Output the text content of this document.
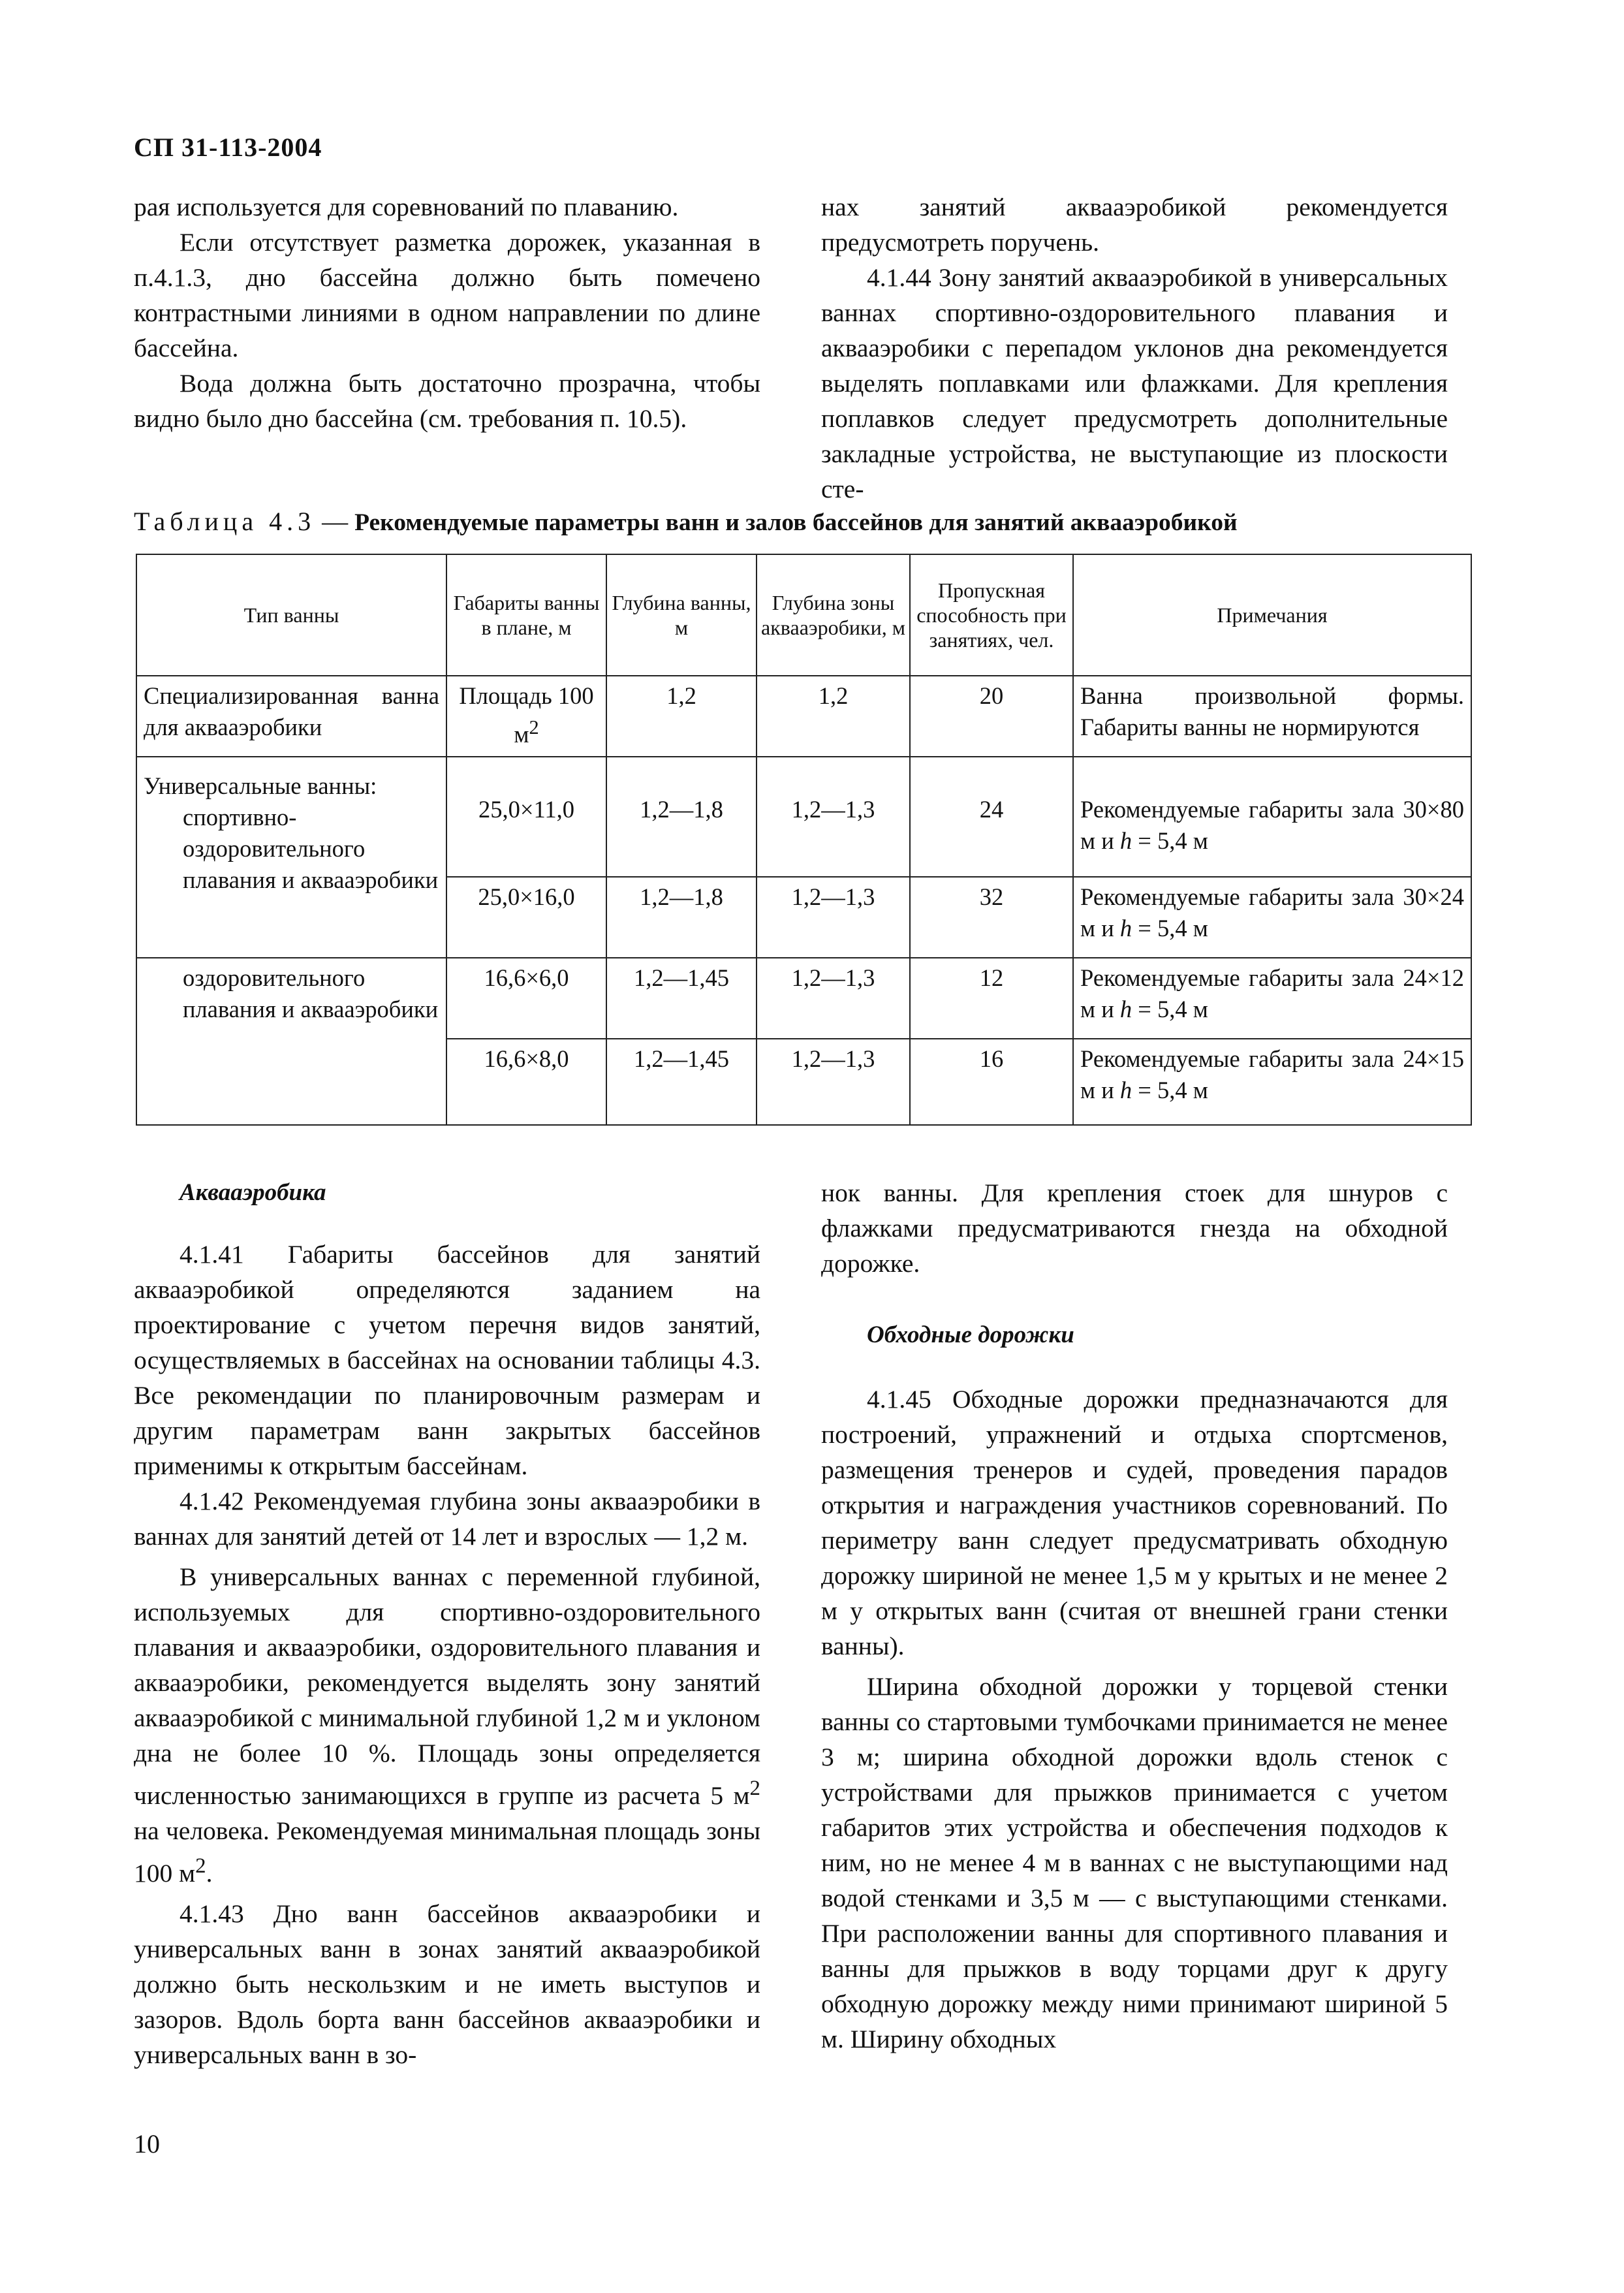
СП 31-113-2004

рая используется для соревнований по плаванию.

Если отсутствует разметка дорожек, указанная в п.4.1.3, дно бассейна должно быть помечено контрастными линиями в одном направлении по длине бассейна.

Вода должна быть достаточно прозрачна, чтобы видно было дно бассейна (см. требования п. 10.5).

нах занятий аквааэробикой рекомендуется предусмотреть поручень.

4.1.44 Зону занятий аквааэробикой в универсальных ваннах спортивно-оздоровительного плавания и аквааэробики с перепадом уклонов дна рекомендуется выделять поплавками или флажками. Для крепления поплавков следует предусмотреть дополнительные закладные устройства, не выступающие из плоскости сте-

Таблица 4.3 — Рекомендуемые параметры ванн и залов бассейнов для занятий аквааэробикой
Тип ванны	Габариты ванны в плане, м	Глубина ванны, м	Глубина зоны аквааэробики, м	Пропускная способность при занятиях, чел.	Примечания
Специализированная ванна для аквааэробики	Площадь 100 $м^2$	1,2	1,2	20	Ванна произвольной формы. Габариты ванны не нормируются

Универсальные ванны:
спортивно-оздоровительного плавания и аквааэробики	25,0×11,0	1,2—1,8	1,2—1,3	24	Рекомендуемые габариты зала 30×80 м и h = 5,4 м
	25,0×16,0	1,2—1,8	1,2—1,3	32	Рекомендуемые габариты зала 30×24 м и h = 5,4 м

оздоровительного плавания и аквааэробики	16,6×6,0	1,2—1,45	1,2—1,3	12	Рекомендуемые габариты зала 24×12 м и h = 5,4 м
	16,6×8,0	1,2—1,45	1,2—1,3	16	Рекомендуемые габариты зала 24×15 м и h = 5,4 м

Аквааэробика

4.1.41 Габариты бассейнов для занятий аквааэробикой определяются заданием на проектирование с учетом перечня видов занятий, осуществляемых в бассейнах на основании таблицы 4.3. Все рекомендации по планировочным размерам и другим параметрам ванн закрытых бассейнов применимы к открытым бассейнам.

4.1.42 Рекомендуемая глубина зоны аквааэробики в ваннах для занятий детей от 14 лет и взрослых — 1,2 м.

В универсальных ваннах с переменной глубиной, используемых для спортивно-оздоровительного плавания и аквааэробики, оздоровительного плавания и аквааэробики, рекомендуется выделять зону занятий аквааэробикой с минимальной глубиной 1,2 м и уклоном дна не более 10 %. Площадь зоны определяется численностью занимающихся в группе из расчета 5 $м^2$ на человека. Рекомендуемая минимальная площадь зоны 100 $м^2$.

4.1.43 Дно ванн бассейнов аквааэробики и универсальных ванн в зонах занятий аквааэробикой должно быть нескользким и не иметь выступов и зазоров. Вдоль борта ванн бассейнов аквааэробики и универсальных ванн в зо-

нок ванны. Для крепления стоек для шнуров с флажками предусматриваются гнезда на обходной дорожке.

Обходные дорожки

4.1.45 Обходные дорожки предназначаются для построений, упражнений и отдыха спортсменов, размещения тренеров и судей, проведения парадов открытия и награждения участников соревнований. По периметру ванн следует предусматривать обходную дорожку шириной не менее 1,5 м у крытых и не менее 2 м у открытых ванн (считая от внешней грани стенки ванны).

Ширина обходной дорожки у торцевой стенки ванны со стартовыми тумбочками принимается не менее 3 м; ширина обходной дорожки вдоль стенок с устройствами для прыжков принимается с учетом габаритов этих устройства и обеспечения подходов к ним, но не менее 4 м в ваннах с не выступающими над водой стенками и 3,5 м — с выступающими стенками. При расположении ванны для спортивного плавания и ванны для прыжков в воду торцами друг к другу обходную дорожку между ними принимают шириной 5 м. Ширину обходных

10
